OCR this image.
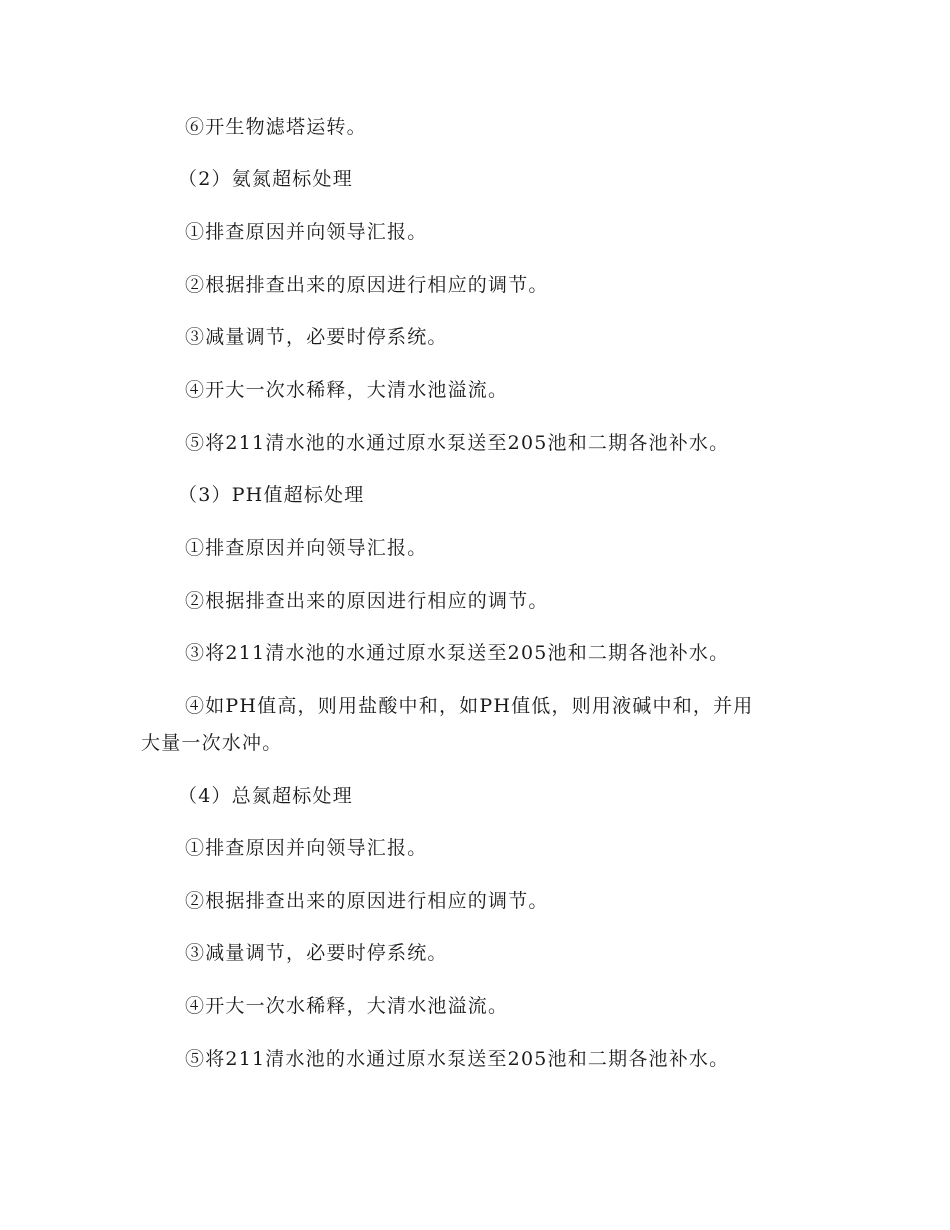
⑥开生物滤塔运转。
（2）氨氮超标处理
①排查原因并向领导汇报。
②根据排查出来的原因进行相应的调节。
③减量调节，必要时停系统。
④开大一次水稀释，大清水池溢流。
⑤将211清水池的水通过原水泵送至205池和二期各池补水。
（3）PH值超标处理
①排查原因并向领导汇报。
②根据排查出来的原因进行相应的调节。
③将211清水池的水通过原水泵送至205池和二期各池补水。
④如PH值高，则用盐酸中和，如PH值低，则用液碱中和，并用
大量一次水冲。
（4）总氮超标处理
①排查原因并向领导汇报。
②根据排查出来的原因进行相应的调节。
③减量调节，必要时停系统。
④开大一次水稀释，大清水池溢流。
⑤将211清水池的水通过原水泵送至205池和二期各池补水。
